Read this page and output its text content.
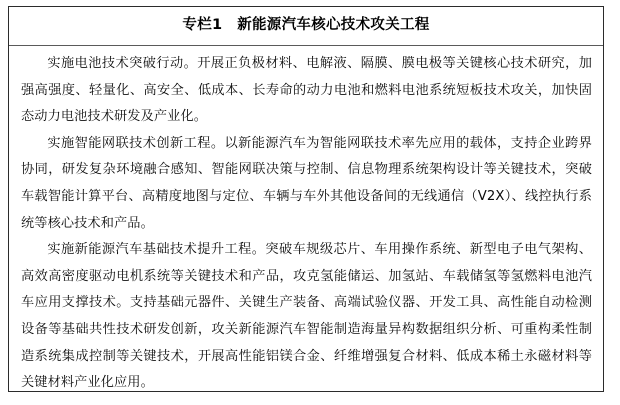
专栏1　新能源汽车核心技术攻关工程

实施电池技术突破行动。开展正负极材料、电解液、隔膜、膜电极等关键核心技术研究，加强高强度、轻量化、高安全、低成本、长寿命的动力电池和燃料电池系统短板技术攻关，加快固态动力电池技术研发及产业化。

实施智能网联技术创新工程。以新能源汽车为智能网联技术率先应用的载体，支持企业跨界协同，研发复杂环境融合感知、智能网联决策与控制、信息物理系统架构设计等关键技术，突破车载智能计算平台、高精度地图与定位、车辆与车外其他设备间的无线通信（V2X）、线控执行系统等核心技术和产品。

实施新能源汽车基础技术提升工程。突破车规级芯片、车用操作系统、新型电子电气架构、高效高密度驱动电机系统等关键技术和产品，攻克氢能储运、加氢站、车载储氢等氢燃料电池汽车应用支撑技术。支持基础元器件、关键生产装备、高端试验仪器、开发工具、高性能自动检测设备等基础共性技术研发创新，攻关新能源汽车智能制造海量异构数据组织分析、可重构柔性制造系统集成控制等关键技术，开展高性能铝镁合金、纤维增强复合材料、低成本稀土永磁材料等关键材料产业化应用。
